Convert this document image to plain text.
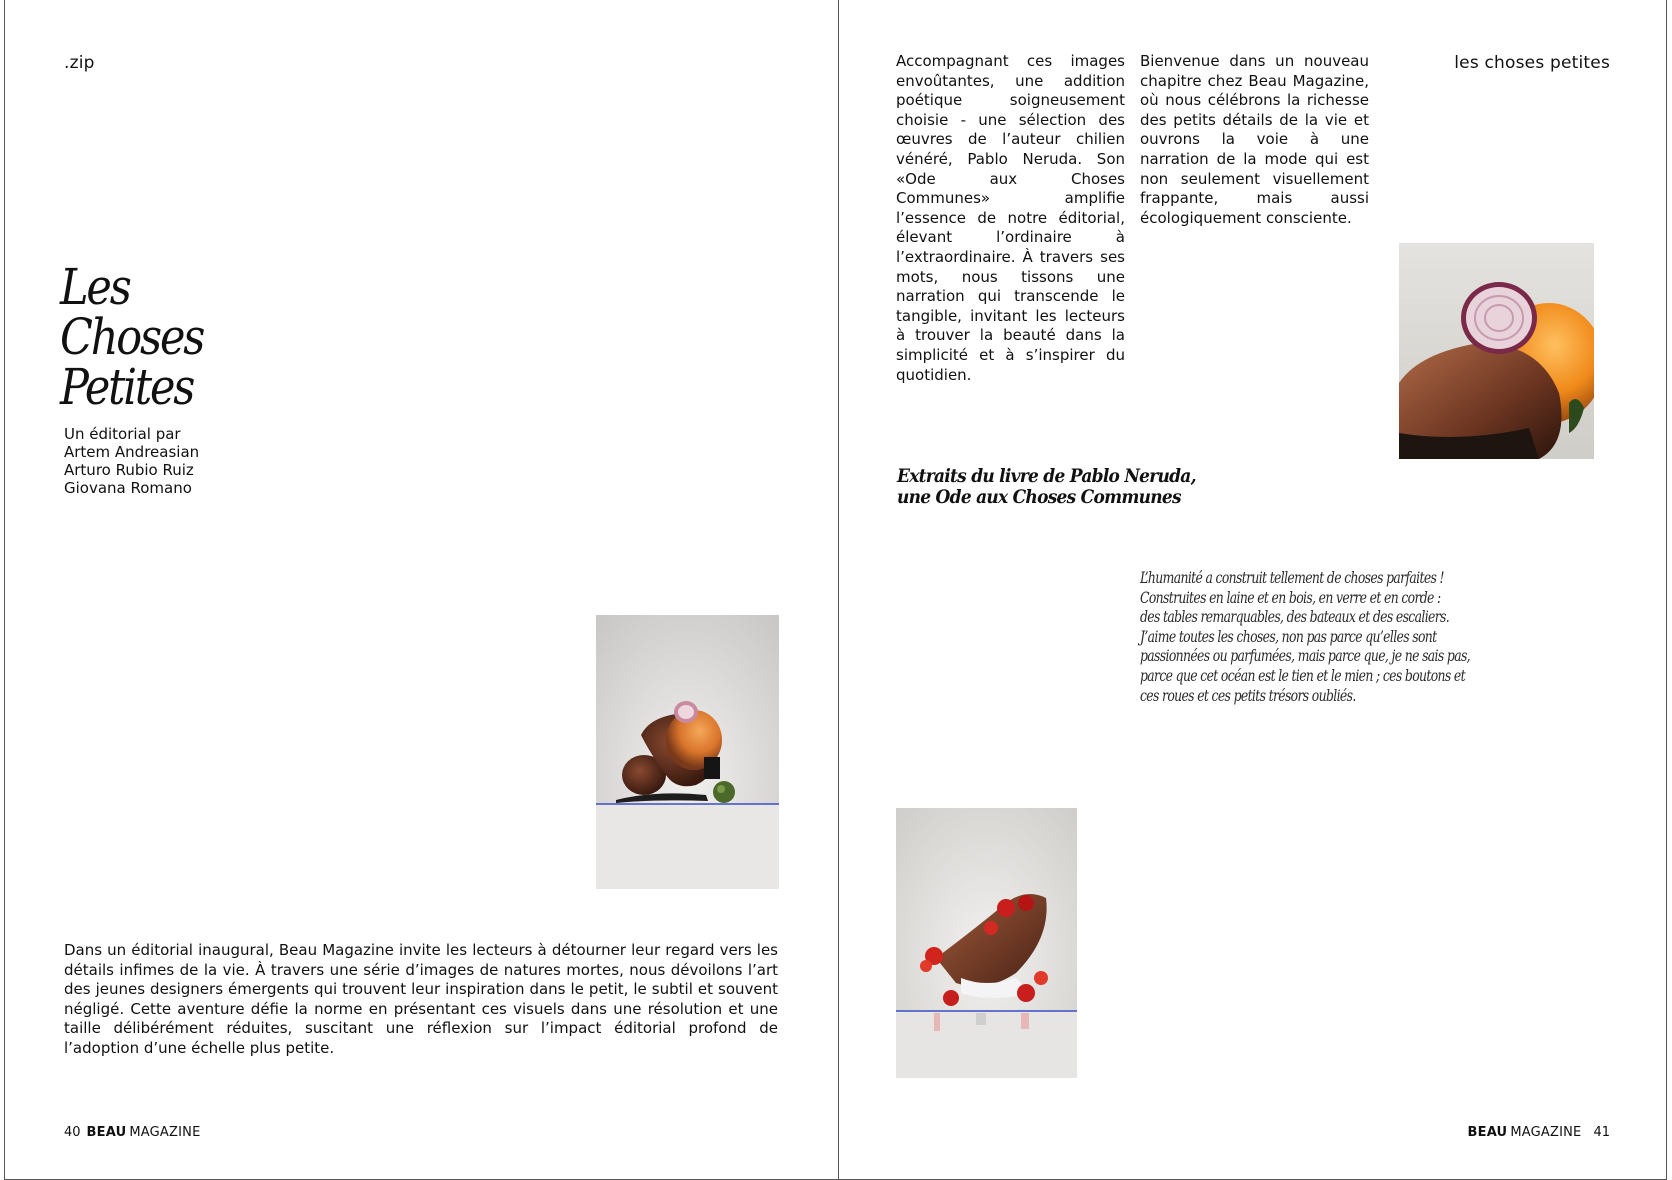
.zip
Les
Choses
Petites
Un éditorial par
Artem Andreasian
Arturo Rubio Ruiz
Giovana Romano

Dans un éditorial inaugural, Beau Magazine invite les lecteurs à détourner leur regard vers les détails infimes de la vie. À travers une série d’images de natures mortes, nous dévoilons l’art des jeunes designers émergents qui trouvent leur inspiration dans le petit, le subtil et souvent négligé. Cette aventure défie la norme en présentant ces visuels dans une résolution et une taille délibérément réduites, suscitant une réflexion sur l’impact éditorial profond de l’adoption d’une échelle plus petite.

40 BEAU MAGAZINE

Accompagnant ces images envoûtantes, une addition poétique soigneusement choisie - une sélection des œuvres de l’auteur chilien vénéré, Pablo Neruda. Son «Ode aux Choses Communes» amplifie l’essence de notre éditorial, élevant l’ordinaire à l’extraordinaire. À travers ses mots, nous tissons une narration qui transcende le tangible, invitant les lecteurs à trouver la beauté dans la simplicité et à s’inspirer du quotidien.

Bienvenue dans un nouveau chapitre chez Beau Magazine, où nous célébrons la richesse des petits détails de la vie et ouvrons la voie à une narration de la mode qui est non seulement visuellement frappante, mais aussi écologiquement consciente.

les choses petites
Extraits du livre de Pablo Neruda,
une Ode aux Choses Communes
L’humanité a construit tellement de choses parfaites !
Construites en laine et en bois, en verre et en corde :
des tables remarquables, des bateaux et des escaliers.
J’aime toutes les choses, non pas parce qu’elles sont
passionnées ou parfumées, mais parce que, je ne sais pas,
parce que cet océan est le tien et le mien ; ces boutons et
ces roues et ces petits trésors oubliés.
BEAU MAGAZINE 41
